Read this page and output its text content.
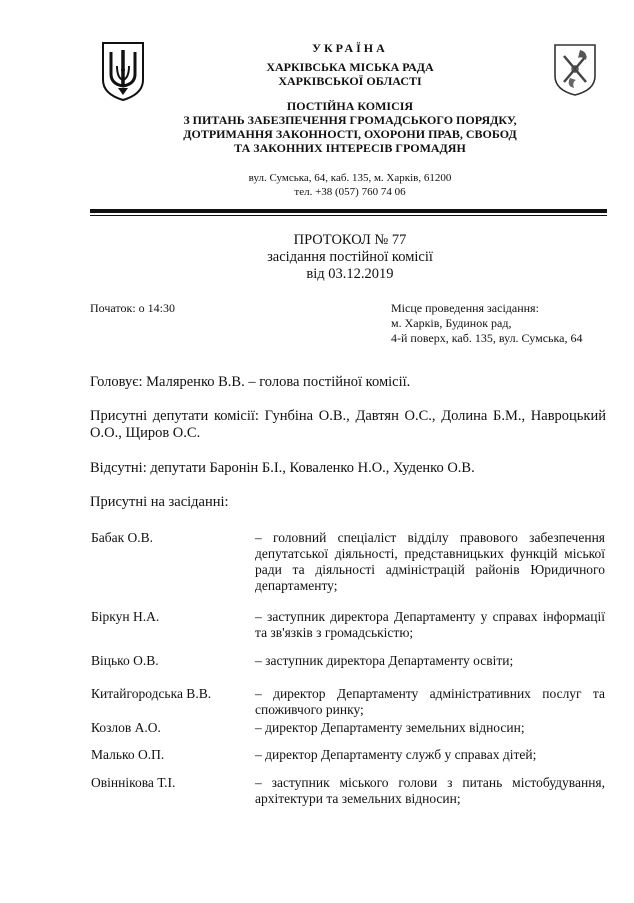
УКРАЇНА
ХАРКІВСЬКА МІСЬКА РАДА
ХАРКІВСЬКОЇ ОБЛАСТІ
ПОСТІЙНА КОМІСІЯ
З ПИТАНЬ ЗАБЕЗПЕЧЕННЯ ГРОМАДСЬКОГО ПОРЯДКУ,
ДОТРИМАННЯ ЗАКОННОСТІ, ОХОРОНИ ПРАВ, СВОБОД
ТА ЗАКОННИХ ІНТЕРЕСІВ ГРОМАДЯН
вул. Сумська, 64, каб. 135, м. Харків, 61200
тел. +38 (057) 760 74 06
ПРОТОКОЛ № 77
засідання постійної комісії
від 03.12.2019
Початок: о 14:30	Місце проведення засідання:
м. Харків, Будинок рад,
4-й поверх, каб. 135, вул. Сумська, 64
Головує: Маляренко В.В. – голова постійної комісії.
Присутні депутати комісії: Гунбіна О.В., Давтян О.С., Долина Б.М., Навроцький О.О., Щиров О.С.
Відсутні: депутати Баронін Б.І., Коваленко Н.О., Худенко О.В.
Присутні на засіданні:
Бабак О.В.	– головний спеціаліст відділу правового забезпечення депутатської діяльності, представницьких функцій міської ради та діяльності адміністрацій районів Юридичного департаменту;
Біркун Н.А.	– заступник директора Департаменту у справах інформації та зв'язків з громадськістю;
Віцько О.В.	– заступник директора Департаменту освіти;
Китайгородська В.В.	– директор Департаменту адміністративних послуг та споживчого ринку;
Козлов А.О.	– директор Департаменту земельних відносин;
Малько О.П.	– директор Департаменту служб у справах дітей;
Овіннікова Т.І.	– заступник міського голови з питань містобудування, архітектури та земельних відносин;
